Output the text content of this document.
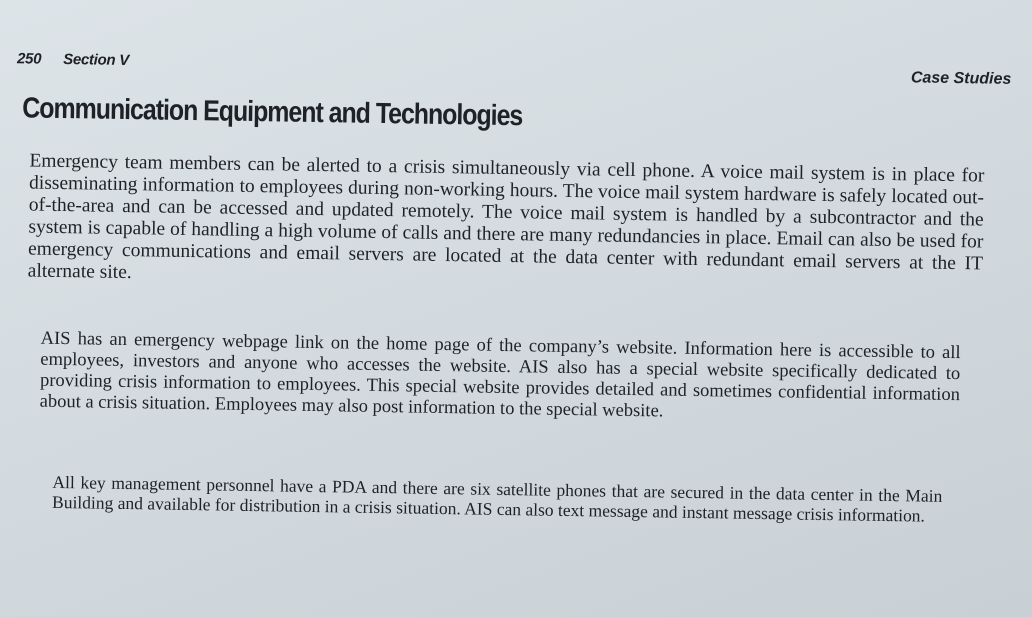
250 Section V
Case Studies
Communication Equipment and Technologies

Emergency team members can be alerted to a crisis simultaneously via cell phone. A voice mail system is in place for disseminating information to employees during non-working hours. The voice mail system hardware is safely located out-of-the-area and can be accessed and updated remotely. The voice mail system is handled by a subcontractor and the system is capable of handling a high volume of calls and there are many redundancies in place. Email can also be used for emergency communications and email servers are located at the data center with redundant email servers at the IT alternate site.

AIS has an emergency webpage link on the home page of the company’s website. Information here is accessible to all employees, investors and anyone who accesses the website. AIS also has a special website specifically dedicated to providing crisis information to employees. This special website provides detailed and sometimes confidential information about a crisis situation. Employees may also post information to the special website.

All key management personnel have a PDA and there are six satellite phones that are secured in the data center in the Main Building and available for distribution in a crisis situation. AIS can also text message and instant message crisis information.
